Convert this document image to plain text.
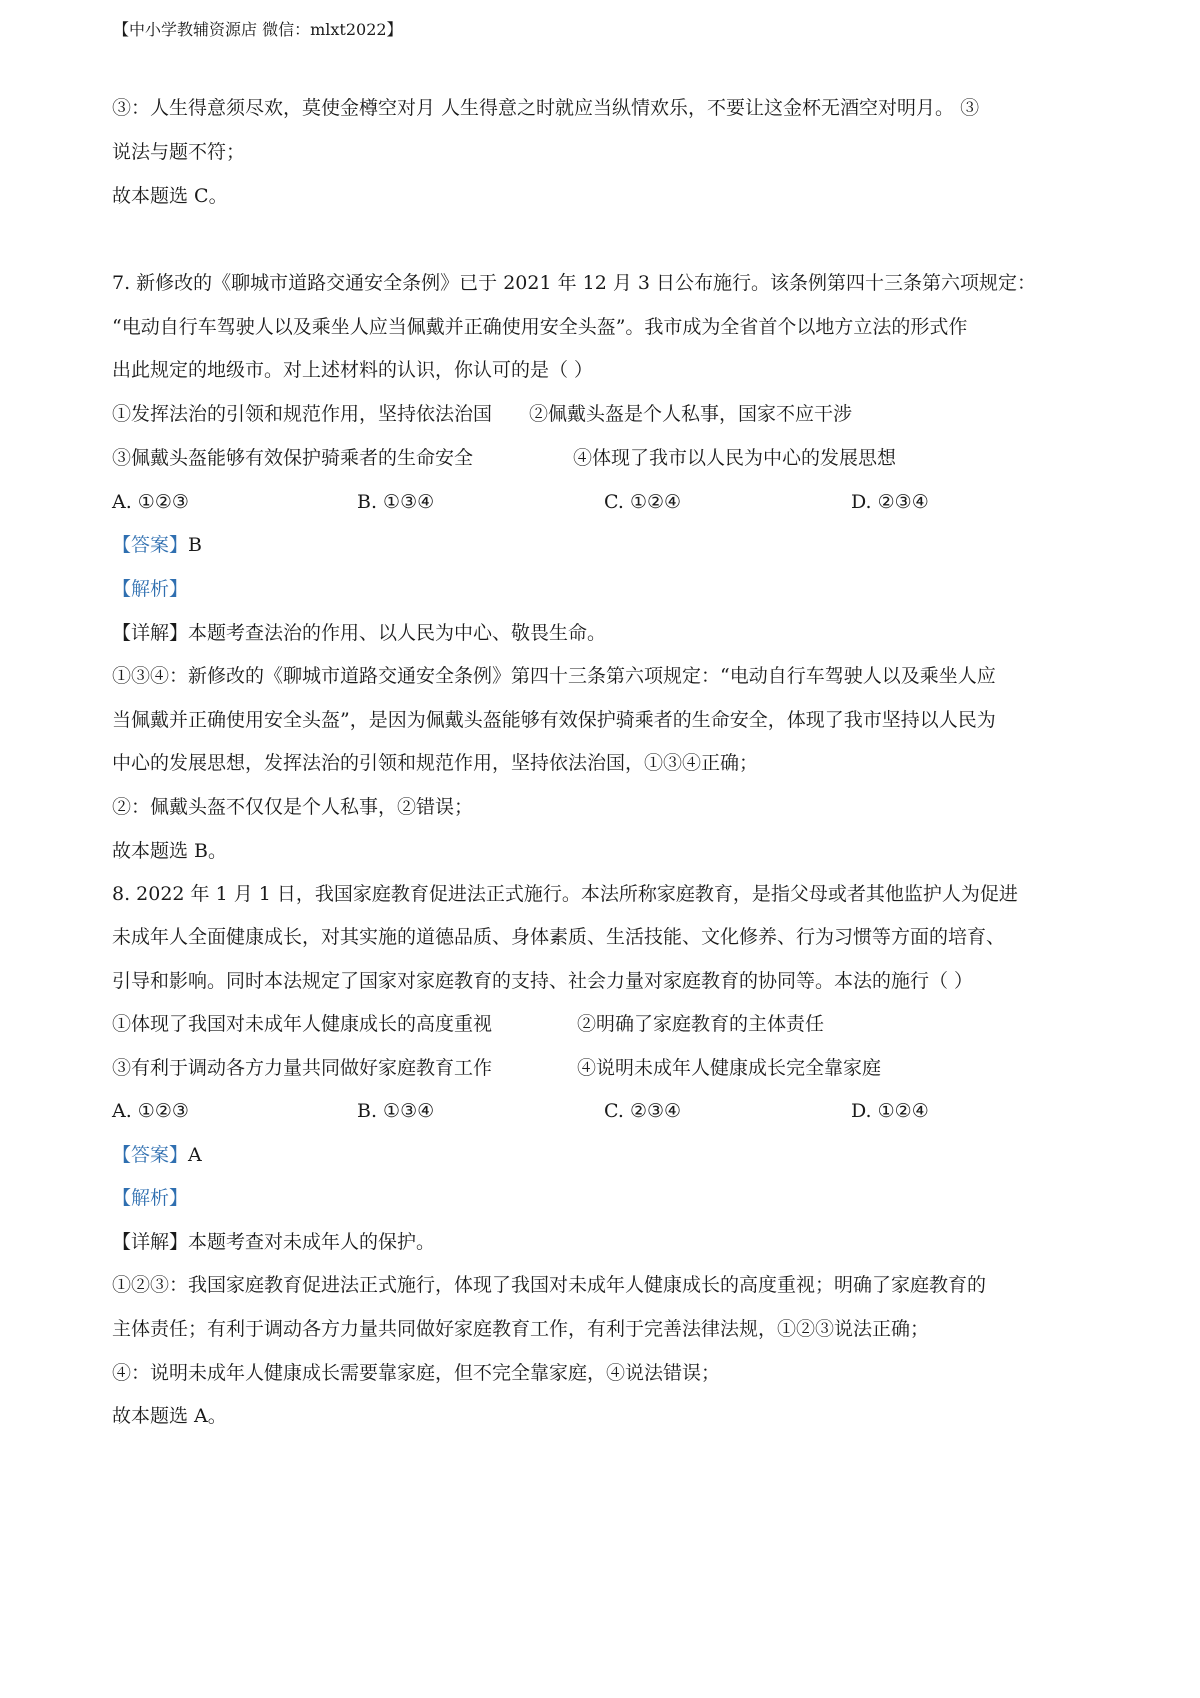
【中小学教辅资源店 微信：mlxt2022】
③：人生得意须尽欢，莫使金樽空对月 人生得意之时就应当纵情欢乐，不要让这金杯无酒空对明月。 ③
说法与题不符；
故本题选 C。
7. 新修改的《聊城市道路交通安全条例》已于 2021 年 12 月 3 日公布施行。该条例第四十三条第六项规定：
“电动自行车驾驶人以及乘坐人应当佩戴并正确使用安全头盔”。我市成为全省首个以地方立法的形式作
出此规定的地级市。对上述材料的认识，你认可的是（ ）
①发挥法治的引领和规范作用，坚持依法治国 ②佩戴头盔是个人私事，国家不应干涉
③佩戴头盔能够有效保护骑乘者的生命安全	④体现了我市以人民为中心的发展思想
A. ①②③	B. ①③④	C. ①②④	D. ②③④
【答案】B
【解析】
【详解】本题考查法治的作用、以人民为中心、敬畏生命。
①③④：新修改的《聊城市道路交通安全条例》第四十三条第六项规定：“电动自行车驾驶人以及乘坐人应
当佩戴并正确使用安全头盔”，是因为佩戴头盔能够有效保护骑乘者的生命安全，体现了我市坚持以人民为
中心的发展思想，发挥法治的引领和规范作用，坚持依法治国，①③④正确；
②：佩戴头盔不仅仅是个人私事，②错误；
故本题选 B。
8. 2022 年 1 月 1 日，我国家庭教育促进法正式施行。本法所称家庭教育，是指父母或者其他监护人为促进
未成年人全面健康成长，对其实施的道德品质、身体素质、生活技能、文化修养、行为习惯等方面的培育、
引导和影响。同时本法规定了国家对家庭教育的支持、社会力量对家庭教育的协同等。本法的施行（ ）
①体现了我国对未成年人健康成长的高度重视	②明确了家庭教育的主体责任
③有利于调动各方力量共同做好家庭教育工作	④说明未成年人健康成长完全靠家庭
A. ①②③	B. ①③④	C. ②③④	D. ①②④
【答案】A
【解析】
【详解】本题考查对未成年人的保护。
①②③：我国家庭教育促进法正式施行，体现了我国对未成年人健康成长的高度重视；明确了家庭教育的
主体责任；有利于调动各方力量共同做好家庭教育工作，有利于完善法律法规，①②③说法正确；
④：说明未成年人健康成长需要靠家庭，但不完全靠家庭，④说法错误；
故本题选 A。
